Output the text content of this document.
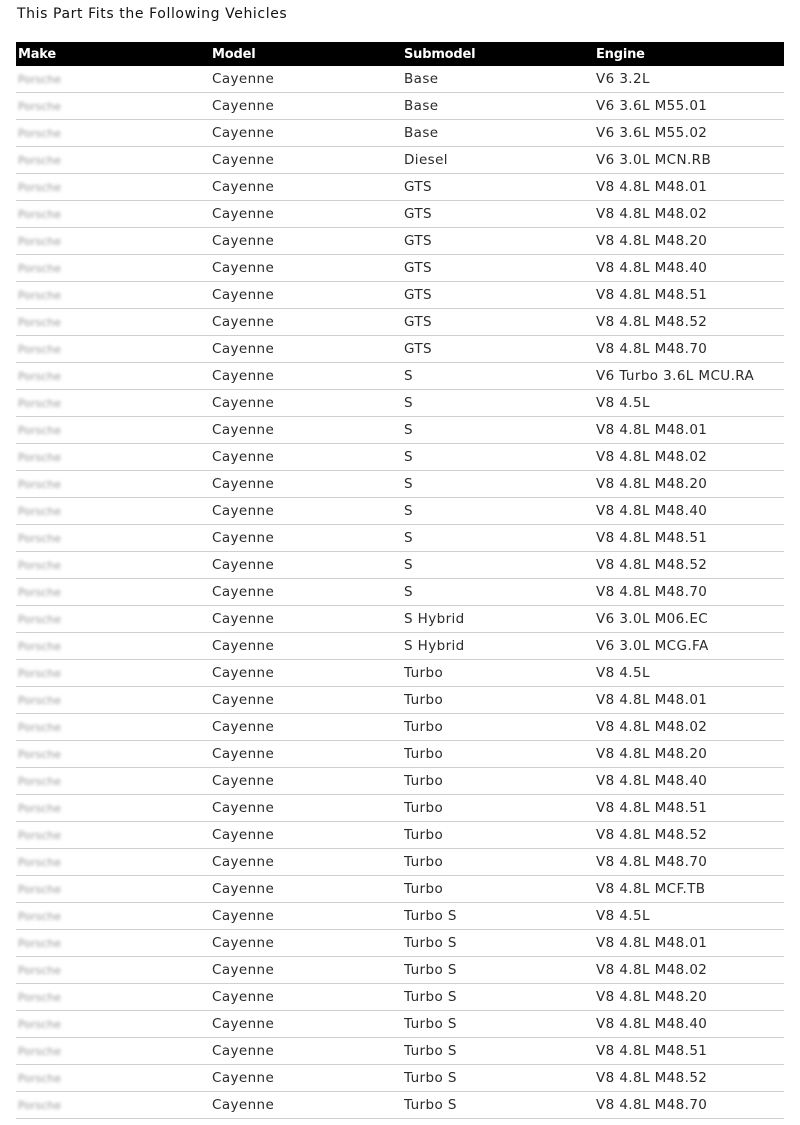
This Part Fits the Following Vehicles
Make	Model	Submodel	Engine
Porsche	Cayenne	Base	V6 3.2L
Porsche	Cayenne	Base	V6 3.6L M55.01
Porsche	Cayenne	Base	V6 3.6L M55.02
Porsche	Cayenne	Diesel	V6 3.0L MCN.RB
Porsche	Cayenne	GTS	V8 4.8L M48.01
Porsche	Cayenne	GTS	V8 4.8L M48.02
Porsche	Cayenne	GTS	V8 4.8L M48.20
Porsche	Cayenne	GTS	V8 4.8L M48.40
Porsche	Cayenne	GTS	V8 4.8L M48.51
Porsche	Cayenne	GTS	V8 4.8L M48.52
Porsche	Cayenne	GTS	V8 4.8L M48.70
Porsche	Cayenne	S	V6 Turbo 3.6L MCU.RA
Porsche	Cayenne	S	V8 4.5L
Porsche	Cayenne	S	V8 4.8L M48.01
Porsche	Cayenne	S	V8 4.8L M48.02
Porsche	Cayenne	S	V8 4.8L M48.20
Porsche	Cayenne	S	V8 4.8L M48.40
Porsche	Cayenne	S	V8 4.8L M48.51
Porsche	Cayenne	S	V8 4.8L M48.52
Porsche	Cayenne	S	V8 4.8L M48.70
Porsche	Cayenne	S Hybrid	V6 3.0L M06.EC
Porsche	Cayenne	S Hybrid	V6 3.0L MCG.FA
Porsche	Cayenne	Turbo	V8 4.5L
Porsche	Cayenne	Turbo	V8 4.8L M48.01
Porsche	Cayenne	Turbo	V8 4.8L M48.02
Porsche	Cayenne	Turbo	V8 4.8L M48.20
Porsche	Cayenne	Turbo	V8 4.8L M48.40
Porsche	Cayenne	Turbo	V8 4.8L M48.51
Porsche	Cayenne	Turbo	V8 4.8L M48.52
Porsche	Cayenne	Turbo	V8 4.8L M48.70
Porsche	Cayenne	Turbo	V8 4.8L MCF.TB
Porsche	Cayenne	Turbo S	V8 4.5L
Porsche	Cayenne	Turbo S	V8 4.8L M48.01
Porsche	Cayenne	Turbo S	V8 4.8L M48.02
Porsche	Cayenne	Turbo S	V8 4.8L M48.20
Porsche	Cayenne	Turbo S	V8 4.8L M48.40
Porsche	Cayenne	Turbo S	V8 4.8L M48.51
Porsche	Cayenne	Turbo S	V8 4.8L M48.52
Porsche	Cayenne	Turbo S	V8 4.8L M48.70
